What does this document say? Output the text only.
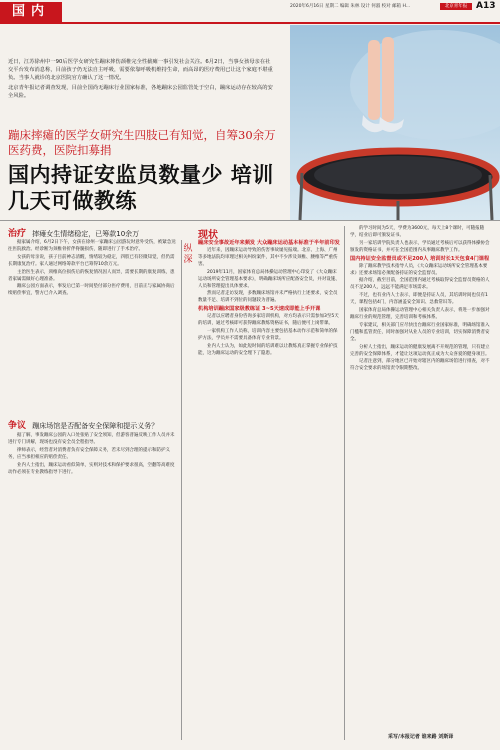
国内	2020年6月16日 星期二 编辑 朱林 设计 何淑 校对 邮箱 H...	北京青年报 A13

近日，江苏徐州中一90后医学女研究生蹦床摔伤颈椎完全性截瘫一事引发社会关注。6月2日，当事女孩母亲在社交平台发布消息称，目前孩子仍无法自主呼吸，需要依靠呼吸机维持生命，而高昂的医疗费用已让这个家庭不堪重负。当事人就诊的北京医院官方确认了这一情况。

北京青年报记者调查发现，目前全国尚无蹦床行业国家标准，各地蹦床公园监管处于空白，蹦床运动存在较高的安全风险。

蹦床摔瘫的医学女研究生四肢已有知觉，自筹30余万医药费，医院扣募捐
国内持证安监员数量少 培训几天可做教练
治疗 摔瘫女生情绪稳定，已筹款10余万

据家属介绍，6月2日下午，女孩在徐州一家蹦床公园游玩时意外受伤，被紧急送往医院救治。经诊断为颈椎骨折伴脊髓损伤，随即进行了手术治疗。

女孩的母亲说，孩子目前神志清醒，情绪较为稳定，四肢已有轻微知觉，但仍需长期康复治疗。家人通过网络筹款平台已筹得10余万元。

主治医生表示，颈椎高位损伤后的恢复情况因人而异，需要长期的康复训练，患者家属需做好心理准备。

蹦床公园方面表示，事发后已第一时间垫付部分医疗费用，目前正与家属协商后续赔偿事宜，警方已介入调查。

争议 蹦床场馆是否配备安全保障和提示义务？

据了解，事发蹦床公园的入口处张贴了安全须知，但游客普遍反映工作人员并未进行专门讲解，现场也没有安全员全程指导。

律师表示，经营者对消费者负有安全保障义务，若未尽到合理的提示和防护义务，应当承担相应的赔偿责任。

业内人士指出，蹦床运动看似简单，实则对技术和保护要求很高，空翻等高难度动作必须在专业教练指导下进行。

纵深
现状

蹦床安全事故近年来频发 大众蹦床运动基本标准于半年前印发

近年来，因蹦床运动导致的伤害事故屡见报端。北京、上海、广州等多地法院均审理过相关纠纷案件，其中不少涉及颈椎、腰椎等严重伤害。

2019年11月，国家体育总局体操运动管理中心印发了《大众蹦床运动场所安全管理基本要求》，明确蹦床场所应配备安全员，并对设施、人员和管理提出具体要求。

然而记者走访发现，多数蹦床场馆并未严格执行上述要求，安全员数量不足、培训不到位的问题较为普遍。

机构培训蹦床国家级教练证 3~5天速成即能上手开课

记者以应聘者身份咨询多家培训机构，对方均表示只需参加3至5天的培训，通过考核即可获得蹦床教练资格证书，随后便可上岗带课。

一家机构工作人员称，培训内容主要包括基本动作示范和简单的保护方法，学员并不需要具备体育专业背景。

业内人士认为，如此短时间的培训难以让教练真正掌握专业保护技能，这为蹦床运动的安全埋下了隐患。

的学习时间为5天，学费为3600元，每天上8个课时，可随报随学，结业后即可颁发证书。

另一家培训学院负责人也表示，学员通过考核后可以获得体操协会颁发的资格证书，并可在全国范围内从事蹦床教学工作。

国内持证安全监督员或不足200人 培训时长1天包食4门课程

除了蹦床教学技术指导人员，《大众蹦床运动场所安全管理基本要求》还要求场馆必须配备持证的安全监督员。

据介绍，截至目前，全国范围内通过考核取得安全监督员资格的人员不足200人，远远不能满足市场需求。

不过，也有业内人士表示，即便是持证人员，其培训时间也仅有1天，课程包括4门，内容涵盖安全知识、急救常识等。

国家体育总局体操运动管理中心相关负责人表示，将进一步加强对蹦床行业的规范管理，完善培训和考核体系。

专家建议，相关部门应尽快出台蹦床行业国家标准，明确场馆准入门槛和监管责任，同时加强对从业人员的专业培训，切实保障消费者安全。

分析人士指出，蹦床运动的健康发展离不开规范的管理，只有建立完善的安全保障体系，才能让这项运动真正成为大众喜爱的健身项目。

记者注意到，部分地区已开始对辖区内的蹦床场馆进行排查，对不符合安全要求的场馆责令限期整改。

采写/本报记者 谁来路 刘斯译
